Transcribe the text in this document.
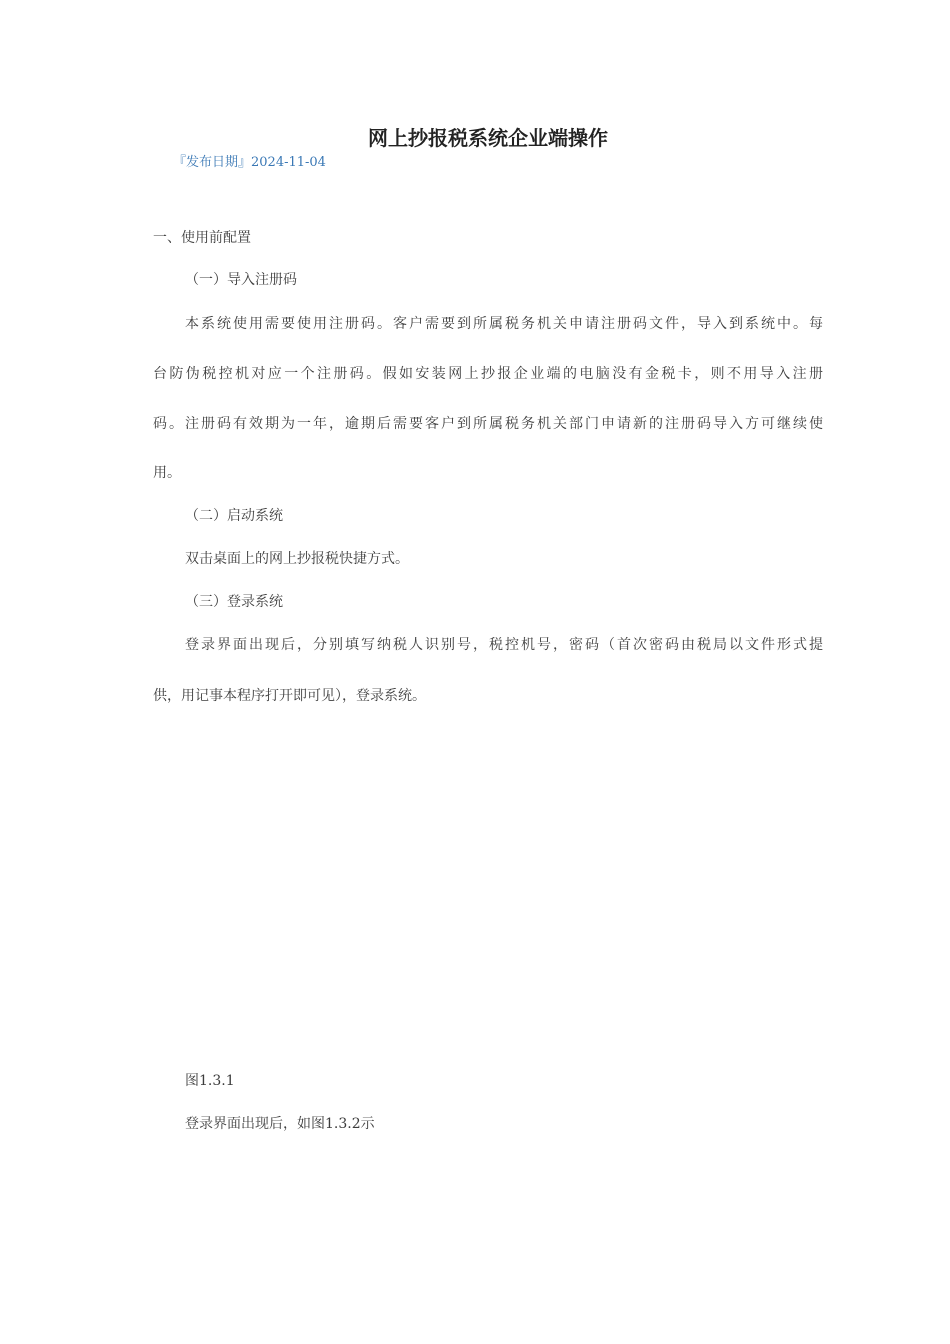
网上抄报税系统企业端操作
『发布日期』2024-11-04
一、使用前配置
（一）导入注册码
本系统使用需要使用注册码。客户需要到所属税务机关申请注册码文件，导入到系统中。每
台防伪税控机对应一个注册码。假如安装网上抄报企业端的电脑没有金税卡，则不用导入注册
码。注册码有效期为一年，逾期后需要客户到所属税务机关部门申请新的注册码导入方可继续使
用。
（二）启动系统
双击桌面上的网上抄报税快捷方式。
（三）登录系统
登录界面出现后，分别填写纳税人识别号，税控机号，密码（首次密码由税局以文件形式提
供，用记事本程序打开即可见），登录系统。
图1.3.1
登录界面出现后，如图1.3.2示
